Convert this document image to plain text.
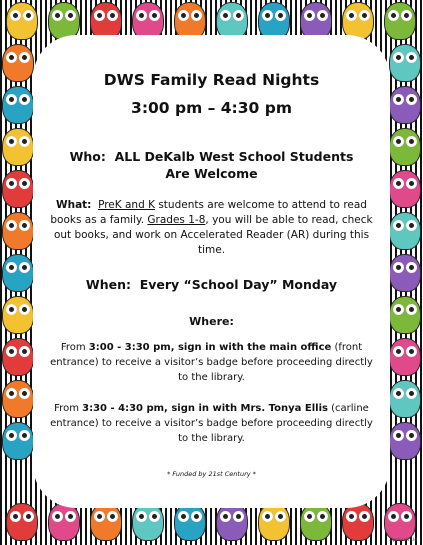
DWS Family Read Nights
3:00 pm – 4:30 pm
Who: ALL DeKalb West School Students
Are Welcome
What: PreK and K students are welcome to attend to read books as a family. Grades 1-8, you will be able to read, check out books, and work on Accelerated Reader (AR) during this time.
When: Every “School Day” Monday
Where:
From 3:00 - 3:30 pm, sign in with the main office (front entrance) to receive a visitor’s badge before proceeding directly to the library.
From 3:30 - 4:30 pm, sign in with Mrs. Tonya Ellis (carline entrance) to receive a visitor’s badge before proceeding directly to the library.
* Funded by 21st Century *
Lippincott Ltd
